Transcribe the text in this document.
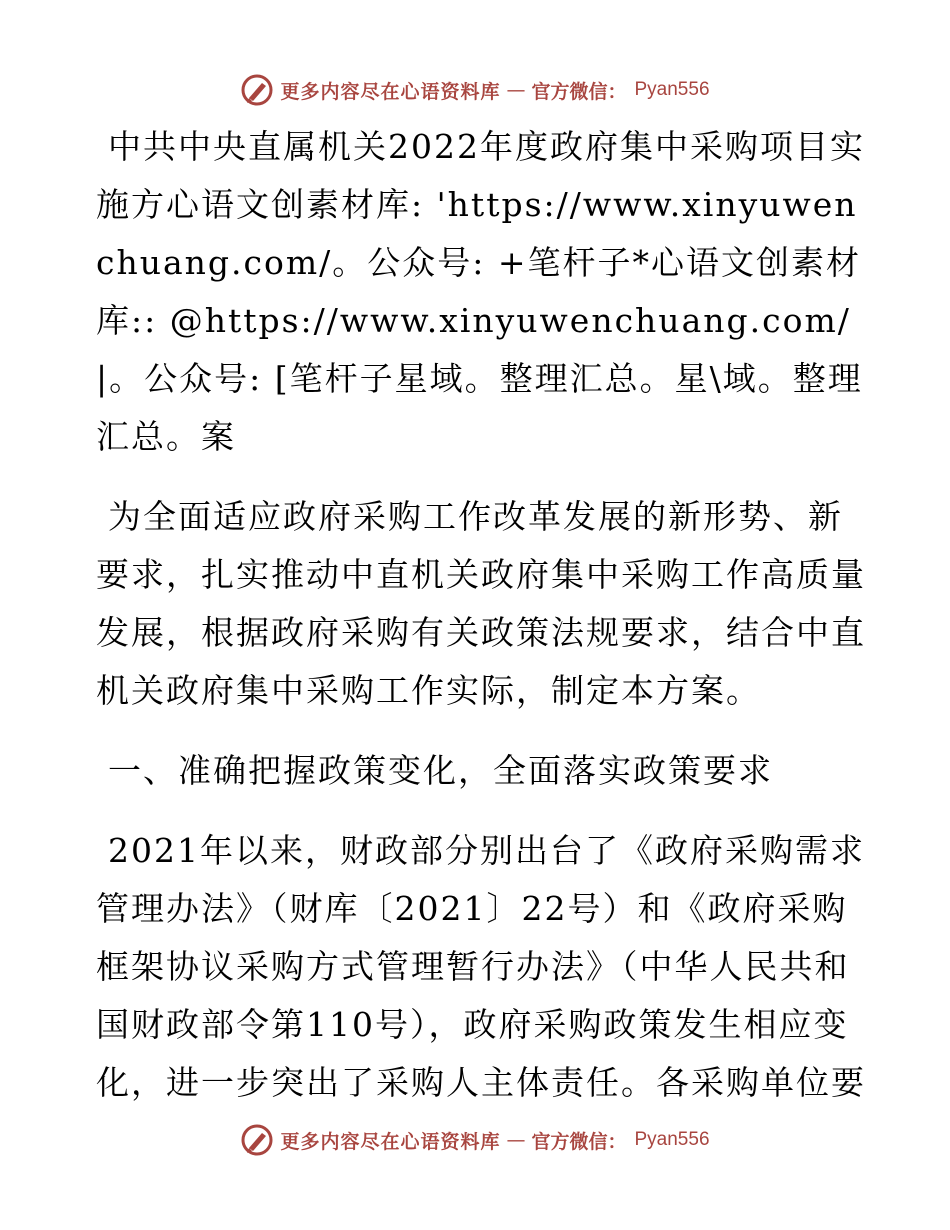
更多内容尽在心语资料库 — 官方微信： Pyan556

中共中央直属机关2022年度政府集中采购项目实施方心语文创素材库: 'https://www.xinyuwenchuang.com/。公众号: +笔杆子*心语文创素材库:: @https://www.xinyuwenchuang.com/|。公众号: [笔杆子星域。整理汇总。星\域。整理汇总。案

为全面适应政府采购工作改革发展的新形势、新要求，扎实推动中直机关政府集中采购工作高质量发展，根据政府采购有关政策法规要求，结合中直机关政府集中采购工作实际，制定本方案。

一、准确把握政策变化，全面落实政策要求

2021年以来，财政部分别出台了《政府采购需求管理办法》（财库〔2021〕22号）和《政府采购框架协议采购方式管理暂行办法》（中华人民共和国财政部令第110号），政府采购政策发生相应变化，进一步突出了采购人主体责任。各采购单位要

更多内容尽在心语资料库 — 官方微信： Pyan556
